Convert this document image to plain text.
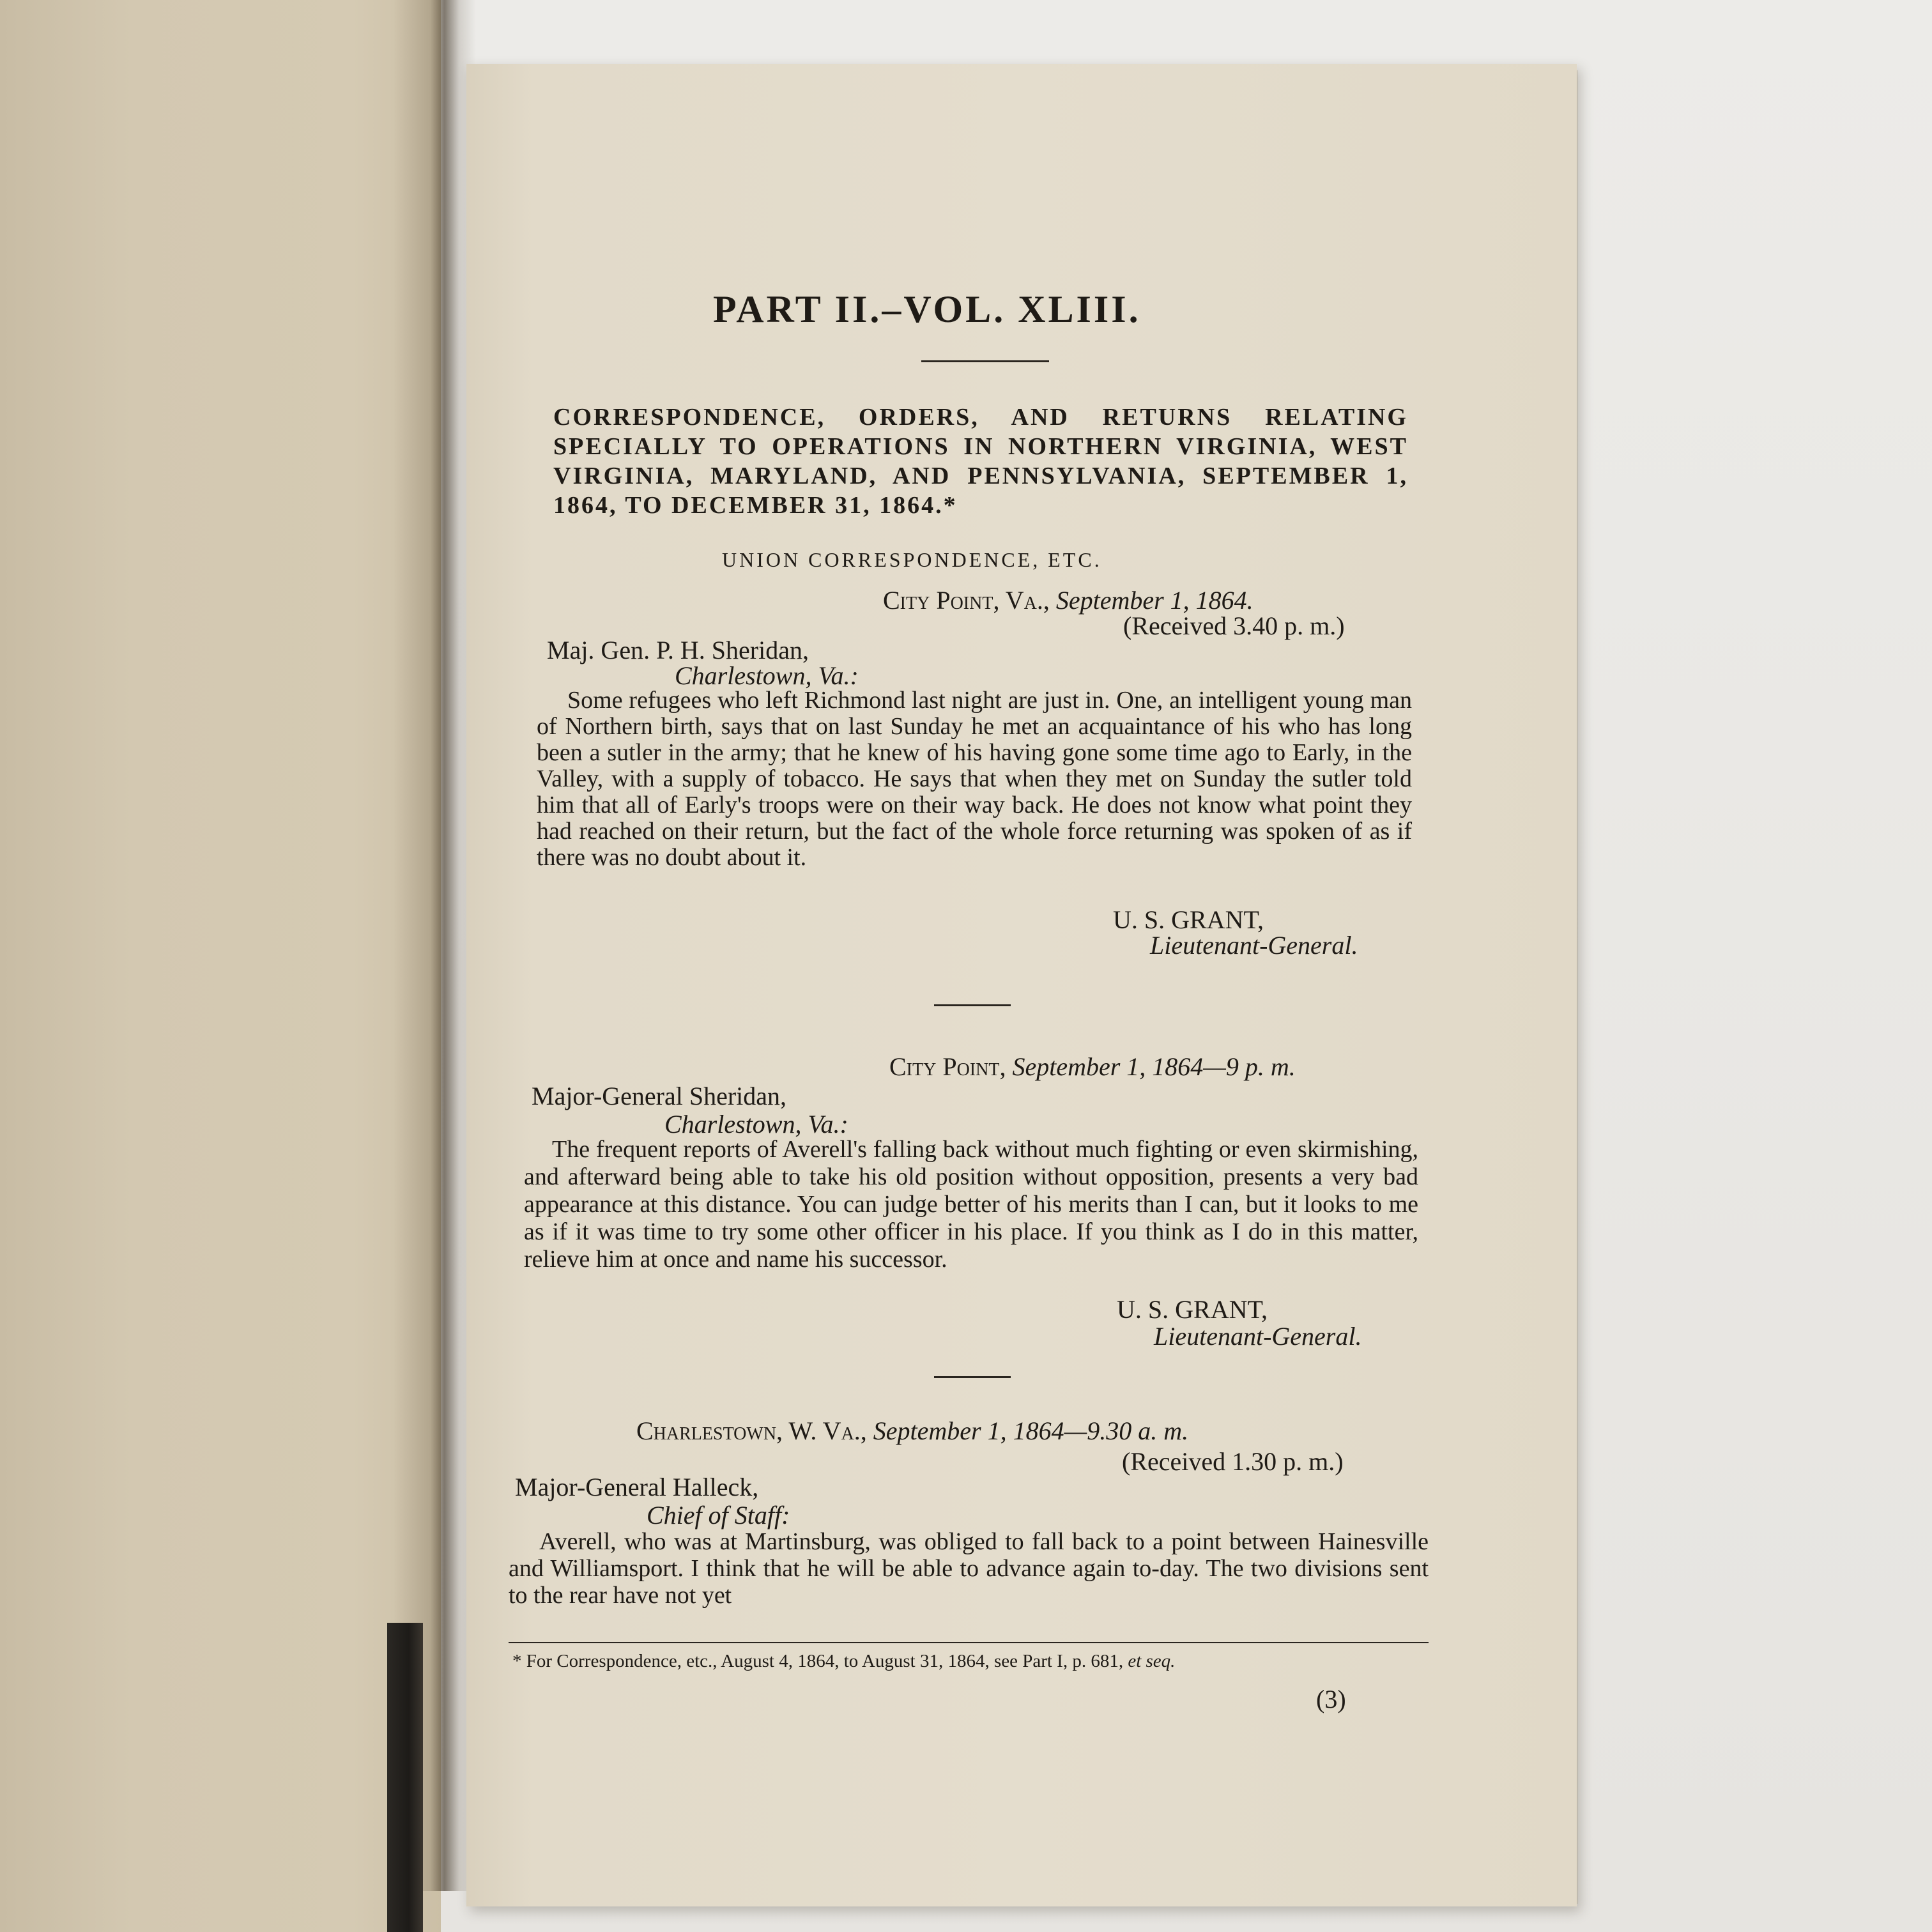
PART II.–VOL. XLIII.
CORRESPONDENCE, ORDERS, AND RETURNS RELATING SPECIALLY TO OPERATIONS IN NORTHERN VIRGINIA, WEST VIRGINIA, MARYLAND, AND PENNSYLVANIA, SEPTEMBER 1, 1864, TO DECEMBER 31, 1864.*
UNION CORRESPONDENCE, ETC.
City Point, Va., September 1, 1864.
(Received 3.40 p. m.)
Maj. Gen. P. H. Sheridan,
Charlestown, Va.:
Some refugees who left Richmond last night are just in. One, an intelligent young man of Northern birth, says that on last Sunday he met an acquaintance of his who has long been a sutler in the army; that he knew of his having gone some time ago to Early, in the Valley, with a supply of tobacco. He says that when they met on Sunday the sutler told him that all of Early's troops were on their way back. He does not know what point they had reached on their return, but the fact of the whole force returning was spoken of as if there was no doubt about it.
U. S. GRANT,
Lieutenant-General.
City Point, September 1, 1864—9 p. m.
Major-General Sheridan,
Charlestown, Va.:
The frequent reports of Averell's falling back without much fighting or even skirmishing, and afterward being able to take his old position without opposition, presents a very bad appearance at this distance. You can judge better of his merits than I can, but it looks to me as if it was time to try some other officer in his place. If you think as I do in this matter, relieve him at once and name his successor.
U. S. GRANT,
Lieutenant-General.
Charlestown, W. Va., September 1, 1864—9.30 a. m.
(Received 1.30 p. m.)
Major-General Halleck,
Chief of Staff:
Averell, who was at Martinsburg, was obliged to fall back to a point between Hainesville and Williamsport. I think that he will be able to advance again to-day. The two divisions sent to the rear have not yet
* For Correspondence, etc., August 4, 1864, to August 31, 1864, see Part I, p. 681, et seq.
(3)
